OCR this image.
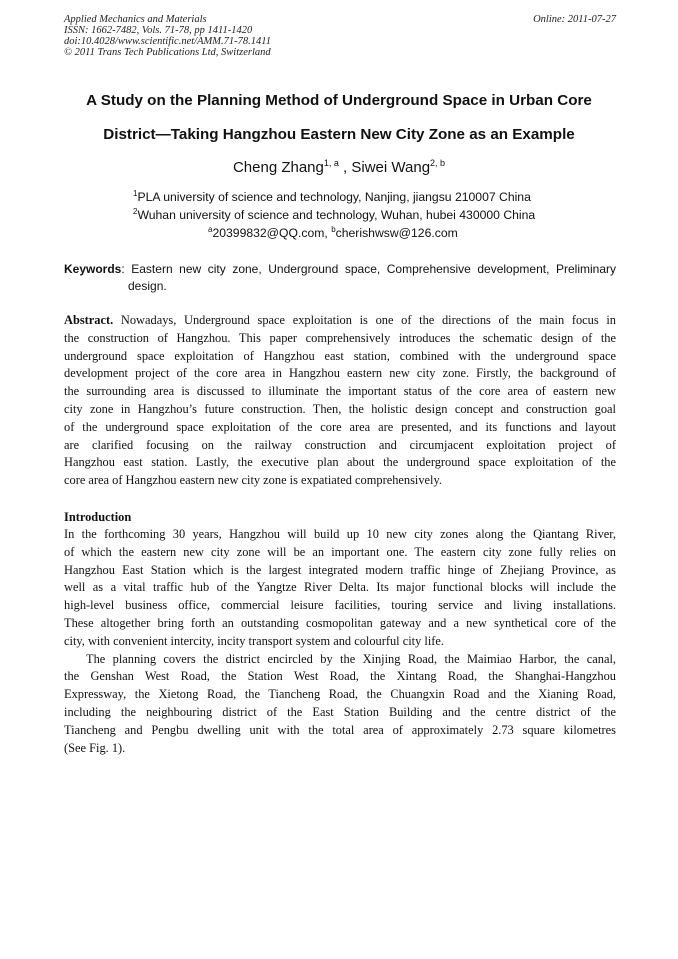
Applied Mechanics and Materials
ISSN: 1662-7482, Vols. 71-78, pp 1411-1420
doi:10.4028/www.scientific.net/AMM.71-78.1411
© 2011 Trans Tech Publications Ltd, Switzerland
Online: 2011-07-27
A Study on the Planning Method of Underground Space in Urban Core
District—Taking Hangzhou Eastern New City Zone as an Example
Cheng Zhang$^{1, a}$ , Siwei Wang$^{2, b}$
$^1$PLA university of science and technology, Nanjing, jiangsu 210007 China
$^2$Wuhan university of science and technology, Wuhan, hubei 430000 China
$^a$20399832@QQ.com, $^b$cherishwsw@126.com
Keywords: Eastern new city zone, Underground space, Comprehensive development, Preliminary
design.
Abstract. Nowadays, Underground space exploitation is one of the directions of the main focus in
the construction of Hangzhou. This paper comprehensively introduces the schematic design of the
underground space exploitation of Hangzhou east station, combined with the underground space
development project of the core area in Hangzhou eastern new city zone. Firstly, the background of
the surrounding area is discussed to illuminate the important status of the core area of eastern new
city zone in Hangzhou’s future construction. Then, the holistic design concept and construction goal
of the underground space exploitation of the core area are presented, and its functions and layout
are clarified focusing on the railway construction and circumjacent exploitation project of
Hangzhou east station. Lastly, the executive plan about the underground space exploitation of the
core area of Hangzhou eastern new city zone is expatiated comprehensively.
Introduction
In the forthcoming 30 years, Hangzhou will build up 10 new city zones along the Qiantang River,
of which the eastern new city zone will be an important one. The eastern city zone fully relies on
Hangzhou East Station which is the largest integrated modern traffic hinge of Zhejiang Province, as
well as a vital traffic hub of the Yangtze River Delta. Its major functional blocks will include the
high-level business office, commercial leisure facilities, touring service and living installations.
These altogether bring forth an outstanding cosmopolitan gateway and a new synthetical core of the
city, with convenient intercity, incity transport system and colourful city life.
The planning covers the district encircled by the Xinjing Road, the Maimiao Harbor, the canal,
the Genshan West Road, the Station West Road, the Xintang Road, the Shanghai-Hangzhou
Expressway, the Xietong Road, the Tiancheng Road, the Chuangxin Road and the Xianing Road,
including the neighbouring district of the East Station Building and the centre district of the
Tiancheng and Pengbu dwelling unit with the total area of approximately 2.73 square kilometres
(See Fig. 1).
